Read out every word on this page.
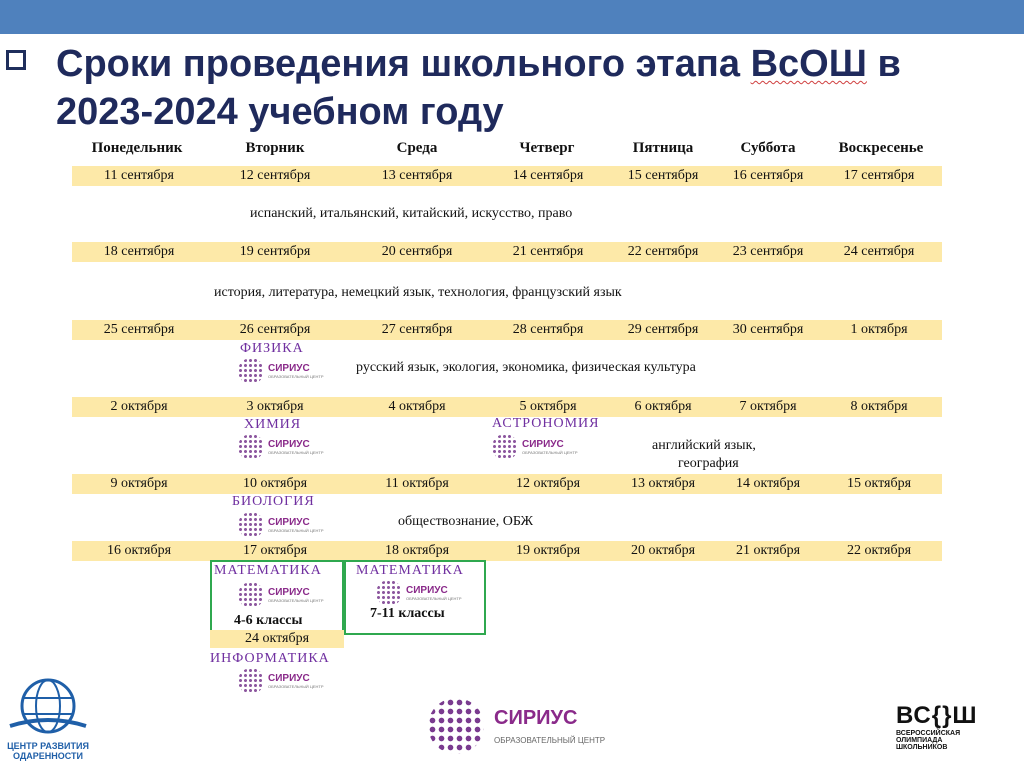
Сроки проведения школьного этапа ВсОШ в 2023-2024 учебном году
Понедельник	Вторник	Среда	Четверг	Пятница	Суббота	Воскресенье
11 сентября	12 сентября	13 сентября	14 сентября	15 сентября	16 сентября	17 сентября
испанский, итальянский, китайский, искусство, право
18 сентября	19 сентября	20 сентября	21 сентября	22 сентября	23 сентября	24 сентября
история, литература, немецкий язык, технология, французский язык
25 сентября	26 сентября	27 сентября	28 сентября	29 сентября	30 сентября	1 октября
ФИЗИКА
СИРИУС
ОБРАЗОВАТЕЛЬНЫЙ ЦЕНТР
русский язык, экология, экономика, физическая культура
2 октября	3 октября	4 октября	5 октября	6 октября	7 октября	8 октября
ХИМИЯ
СИРИУС
ОБРАЗОВАТЕЛЬНЫЙ ЦЕНТР
АСТРОНОМИЯ
СИРИУС
ОБРАЗОВАТЕЛЬНЫЙ ЦЕНТР	английский язык,
география
9 октября	10 октября	11 октября	12 октября	13 октября	14 октября	15 октября
БИОЛОГИЯ
СИРИУС
ОБРАЗОВАТЕЛЬНЫЙ ЦЕНТР
обществознание, ОБЖ
16 октября	17 октября	18 октября	19 октября	20 октября	21 октября	22 октября
МАТЕМАТИКА
СИРИУС
ОБРАЗОВАТЕЛЬНЫЙ ЦЕНТР
4-6 классы
МАТЕМАТИКА
СИРИУС
ОБРАЗОВАТЕЛЬНЫЙ ЦЕНТР
7-11 классы
24 октября
ИНФОРМАТИКА
СИРИУС
ОБРАЗОВАТЕЛЬНЫЙ ЦЕНТР
ЦЕНТР РАЗВИТИЯ
ОДАРЕННОСТИ
СИРИУС
ОБРАЗОВАТЕЛЬНЫЙ ЦЕНТР
ВС{}Ш
ВСЕРОССИЙСКАЯ
ОЛИМПИАДА
ШКОЛЬНИКОВ
